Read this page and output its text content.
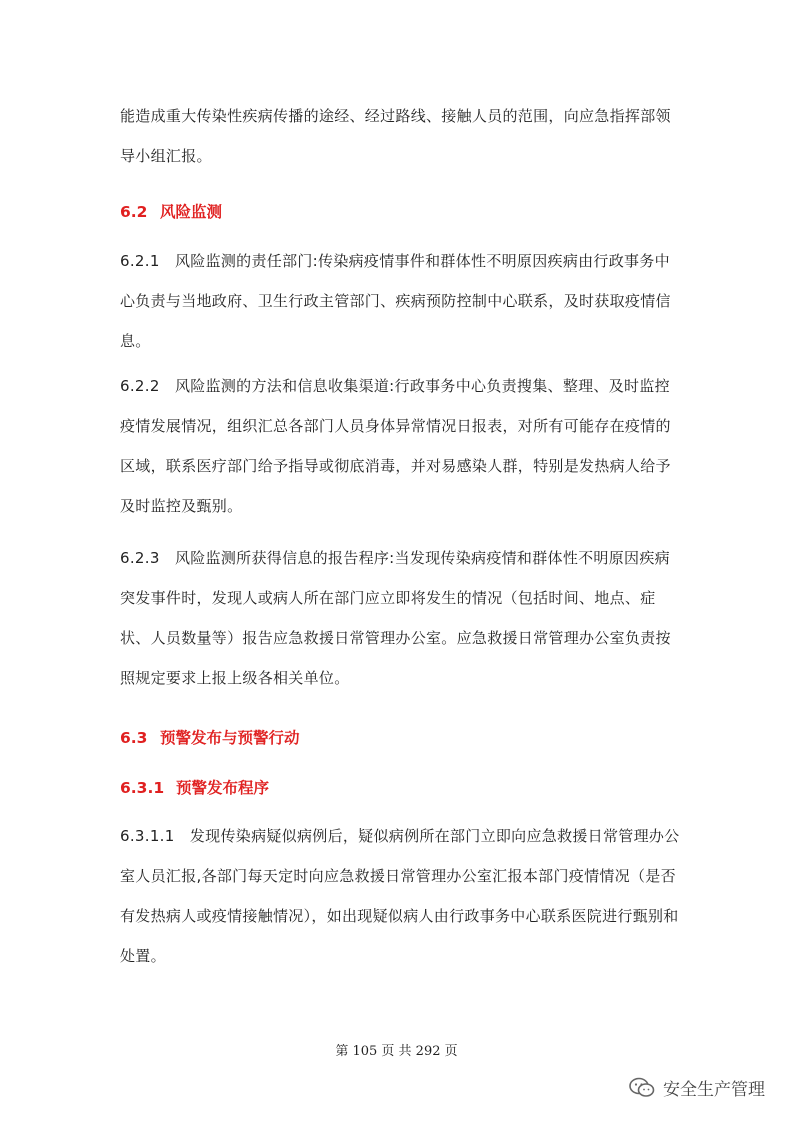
能造成重大传染性疾病传播的途经、经过路线、接触人员的范围，向应急指挥部领导小组汇报。

6.2 风险监测

6.2.1　风险监测的责任部门:传染病疫情事件和群体性不明原因疾病由行政事务中心负责与当地政府、卫生行政主管部门、疾病预防控制中心联系，及时获取疫情信息。

6.2.2　风险监测的方法和信息收集渠道:行政事务中心负责搜集、整理、及时监控疫情发展情况，组织汇总各部门人员身体异常情况日报表，对所有可能存在疫情的区域，联系医疗部门给予指导或彻底消毒，并对易感染人群，特别是发热病人给予及时监控及甄别。

6.2.3　风险监测所获得信息的报告程序:当发现传染病疫情和群体性不明原因疾病突发事件时，发现人或病人所在部门应立即将发生的情况（包括时间、地点、症状、人员数量等）报告应急救援日常管理办公室。应急救援日常管理办公室负责按照规定要求上报上级各相关单位。

6.3 预警发布与预警行动
6.3.1 预警发布程序

6.3.1.1　发现传染病疑似病例后，疑似病例所在部门立即向应急救援日常管理办公室人员汇报,各部门每天定时向应急救援日常管理办公室汇报本部门疫情情况（是否有发热病人或疫情接触情况），如出现疑似病人由行政事务中心联系医院进行甄别和处置。

第 105 页 共 292 页
安全生产管理
